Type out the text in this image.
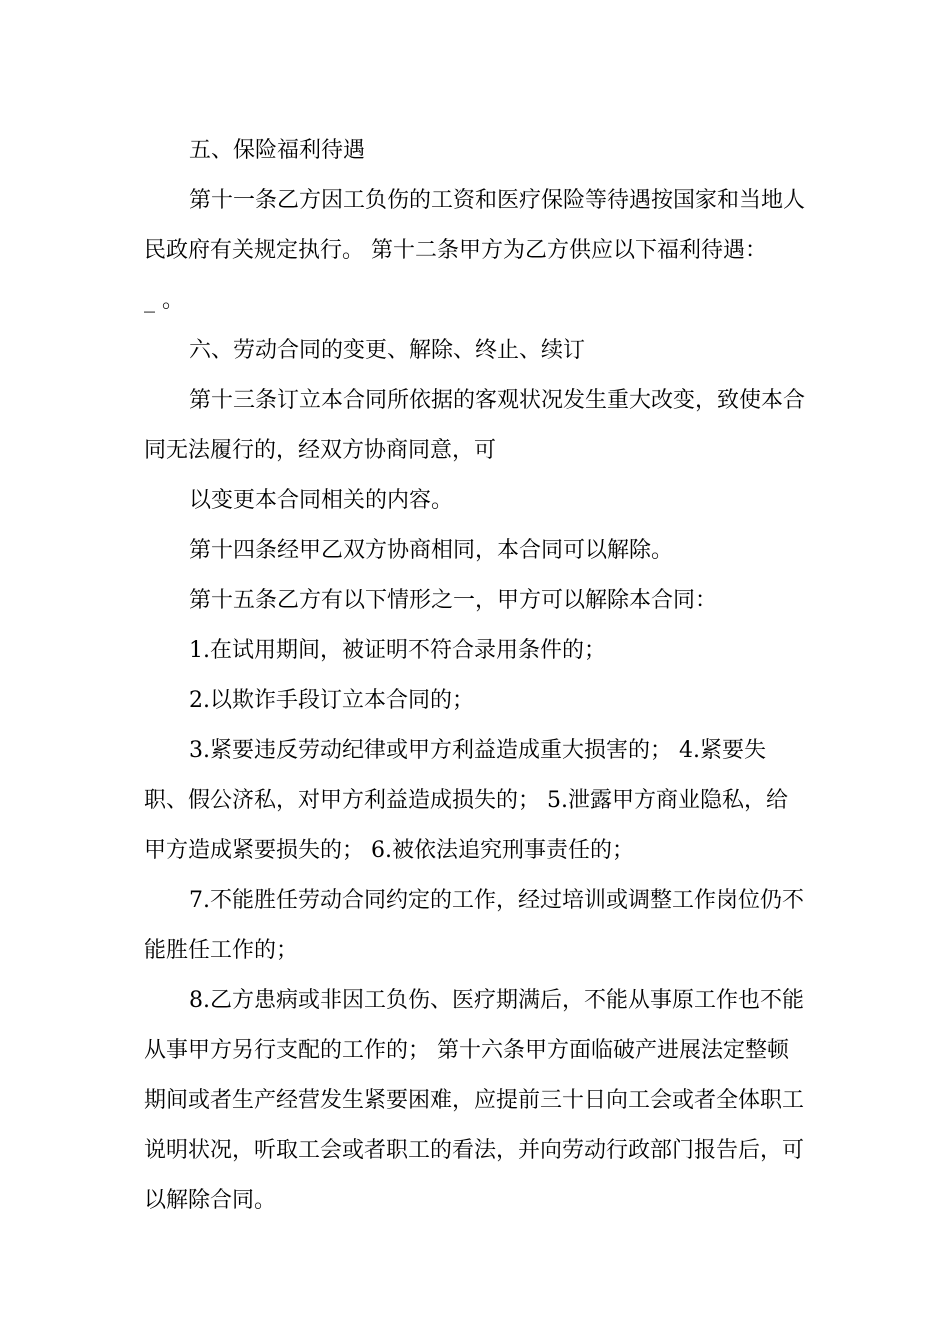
五、保险福利待遇

第十一条乙方因工负伤的工资和医疗保险等待遇按国家和当地人民政府有关规定执行。 第十二条甲方为乙方供应以下福利待遇：

_ 。

六、劳动合同的变更、解除、终止、续订

第十三条订立本合同所依据的客观状况发生重大改变，致使本合同无法履行的，经双方协商同意，可

以变更本合同相关的内容。

第十四条经甲乙双方协商相同，本合同可以解除。

第十五条乙方有以下情形之一，甲方可以解除本合同：

1.在试用期间，被证明不符合录用条件的；

2.以欺诈手段订立本合同的；

3.紧要违反劳动纪律或甲方利益造成重大损害的； 4.紧要失职、假公济私，对甲方利益造成损失的； 5.泄露甲方商业隐私，给甲方造成紧要损失的； 6.被依法追究刑事责任的；

7.不能胜任劳动合同约定的工作，经过培训或调整工作岗位仍不能胜任工作的；

8.乙方患病或非因工负伤、医疗期满后，不能从事原工作也不能从事甲方另行支配的工作的； 第十六条甲方面临破产进展法定整顿期间或者生产经营发生紧要困难，应提前三十日向工会或者全体职工说明状况，听取工会或者职工的看法，并向劳动行政部门报告后，可以解除合同。
